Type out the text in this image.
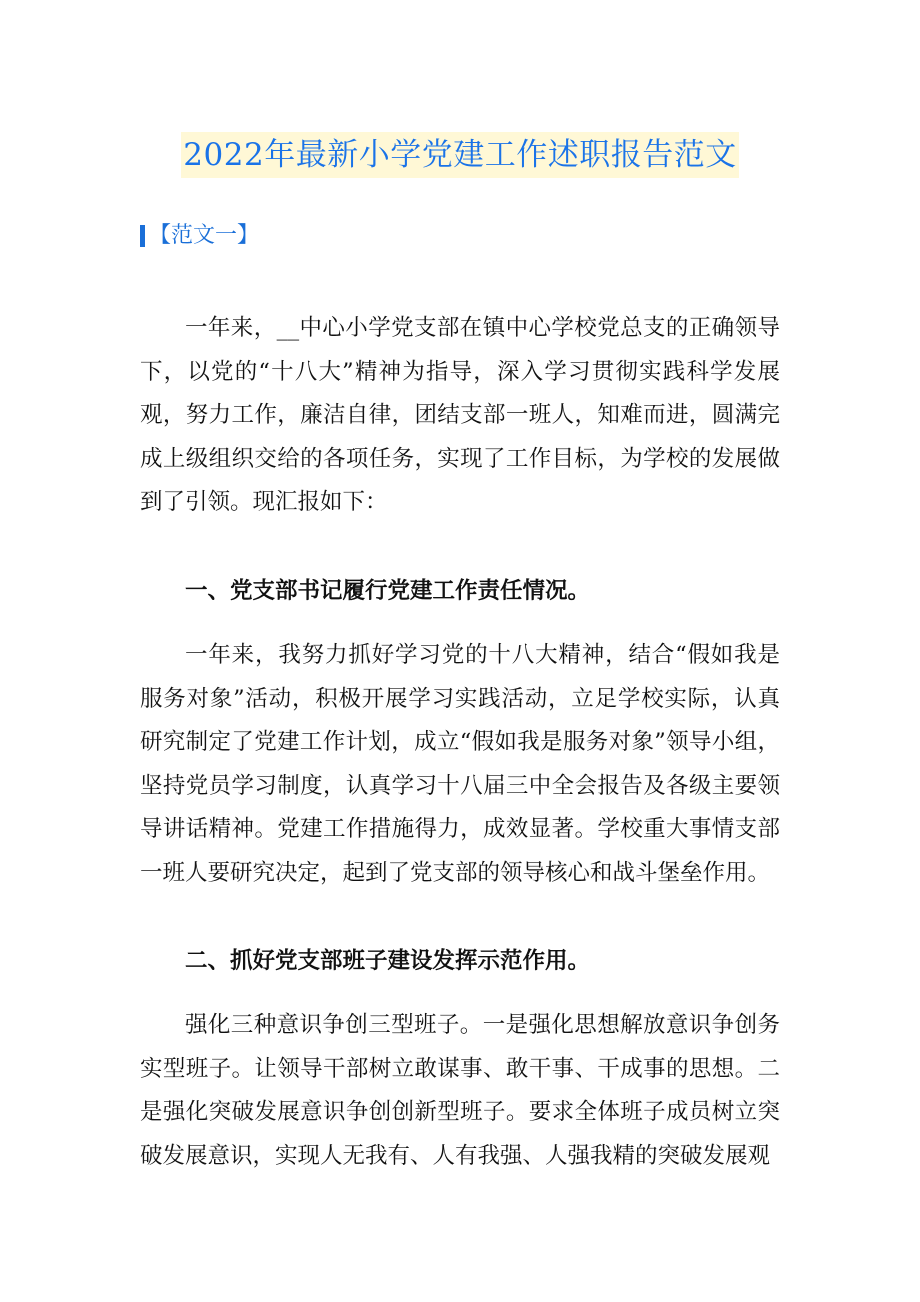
2022年最新小学党建工作述职报告范文
【范文一】

一年来，__中心小学党支部在镇中心学校党总支的正确领导下，以党的“十八大”精神为指导，深入学习贯彻实践科学发展观，努力工作，廉洁自律，团结支部一班人，知难而进，圆满完成上级组织交给的各项任务，实现了工作目标，为学校的发展做到了引领。现汇报如下：

一、党支部书记履行党建工作责任情况。

一年来，我努力抓好学习党的十八大精神，结合“假如我是服务对象”活动，积极开展学习实践活动，立足学校实际，认真研究制定了党建工作计划，成立“假如我是服务对象”领导小组，坚持党员学习制度，认真学习十八届三中全会报告及各级主要领导讲话精神。党建工作措施得力，成效显著。学校重大事情支部一班人要研究决定，起到了党支部的领导核心和战斗堡垒作用。

二、抓好党支部班子建设发挥示范作用。

强化三种意识争创三型班子。一是强化思想解放意识争创务实型班子。让领导干部树立敢谋事、敢干事、干成事的思想。二是强化突破发展意识争创创新型班子。要求全体班子成员树立突破发展意识，实现人无我有、人有我强、人强我精的突破发展观
